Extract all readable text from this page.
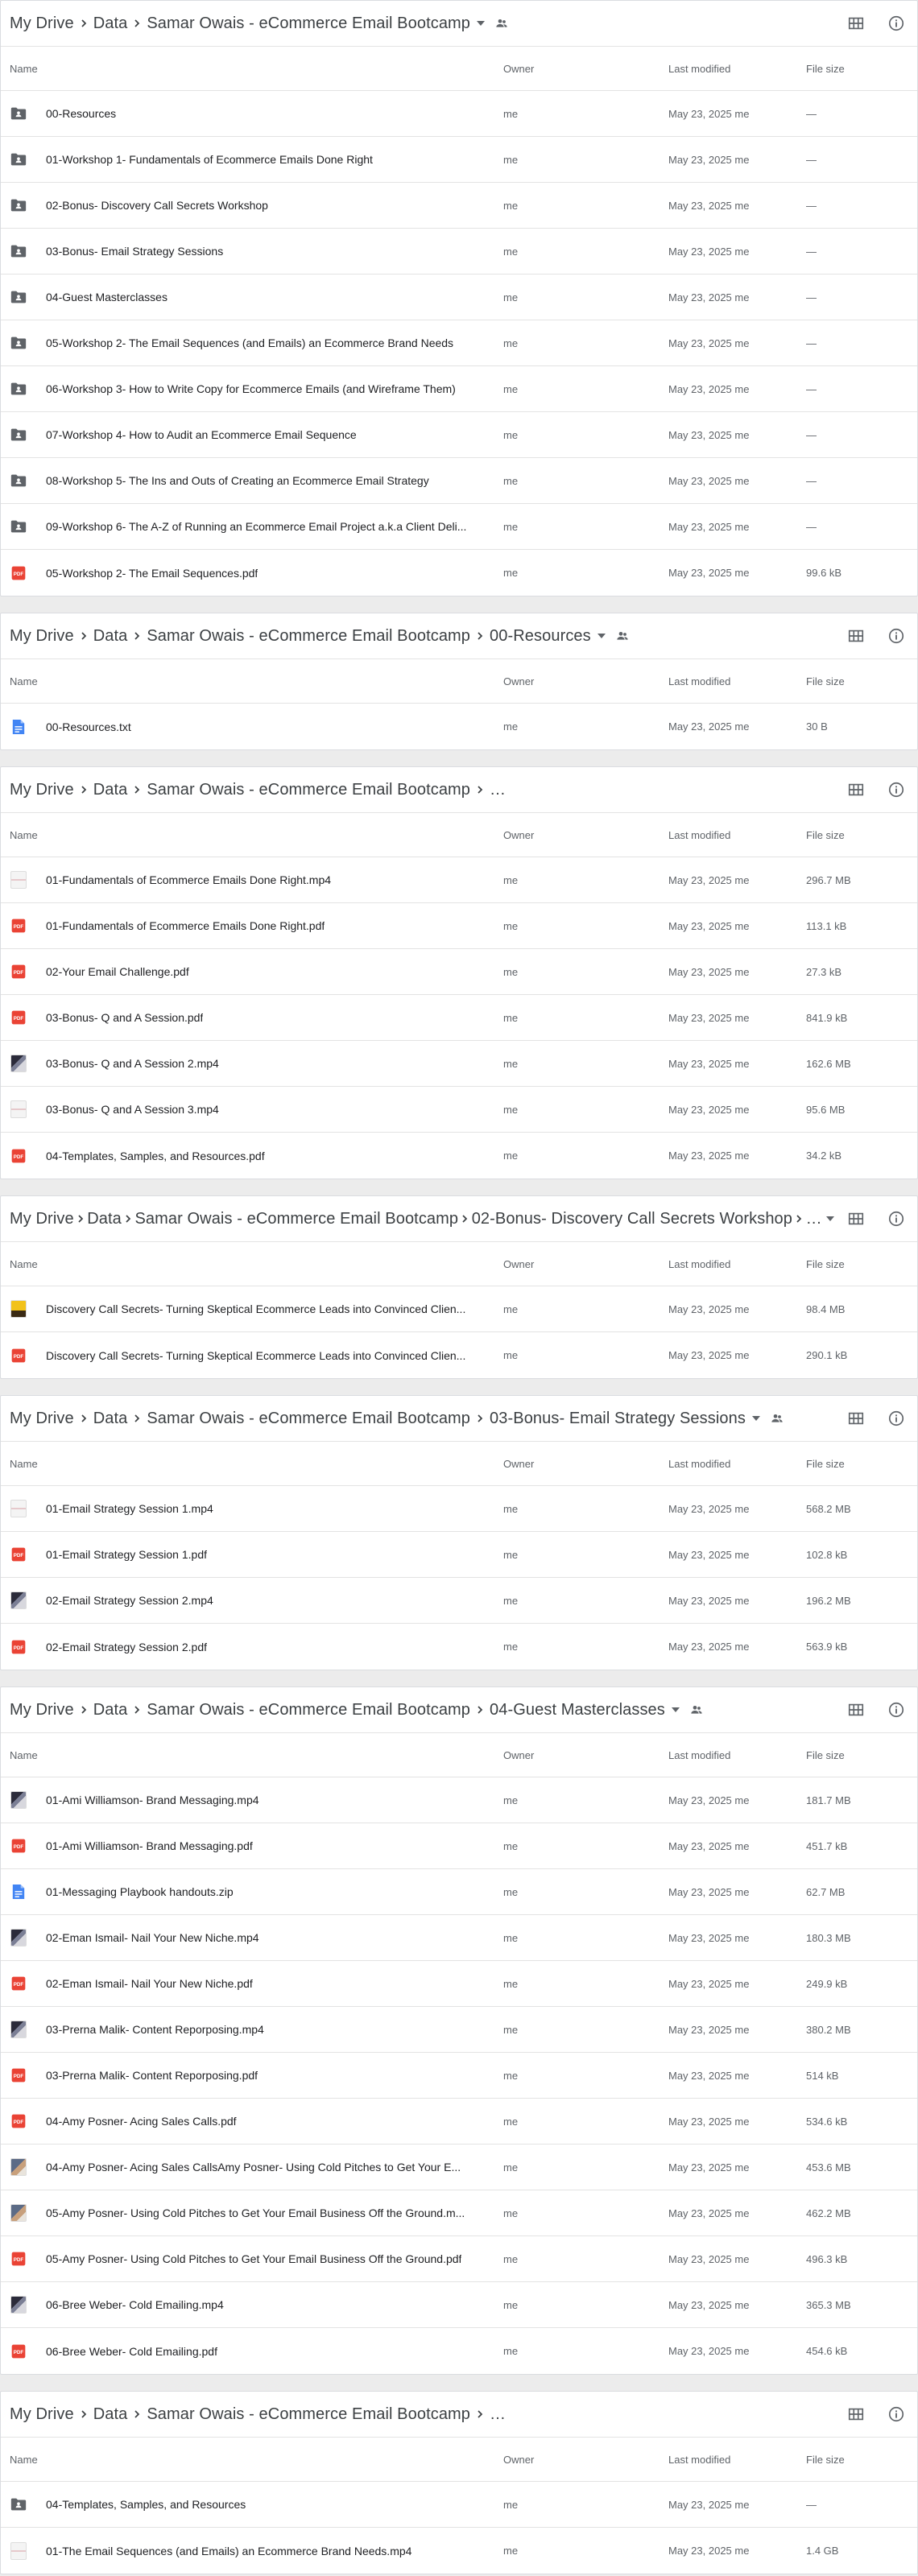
My Drive Data Samar Owais - eCommerce Email Bootcamp
Name	Owner	Last modified	File size
00-Resources	me	May 23, 2025 me	—
01-Workshop 1- Fundamentals of Ecommerce Emails Done Right	me	May 23, 2025 me	—
02-Bonus- Discovery Call Secrets Workshop	me	May 23, 2025 me	—
03-Bonus- Email Strategy Sessions	me	May 23, 2025 me	—
04-Guest Masterclasses	me	May 23, 2025 me	—
05-Workshop 2- The Email Sequences (and Emails) an Ecommerce Brand Needs	me	May 23, 2025 me	—
06-Workshop 3- How to Write Copy for Ecommerce Emails (and Wireframe Them)	me	May 23, 2025 me	—
07-Workshop 4- How to Audit an Ecommerce Email Sequence	me	May 23, 2025 me	—
08-Workshop 5- The Ins and Outs of Creating an Ecommerce Email Strategy	me	May 23, 2025 me	—
09-Workshop 6- The A-Z of Running an Ecommerce Email Project a.k.a Client Deli...	me	May 23, 2025 me	—
PDF 05-Workshop 2- The Email Sequences.pdf	me	May 23, 2025 me	99.6 kB
My Drive Data Samar Owais - eCommerce Email Bootcamp 00-Resources
Name	Owner	Last modified	File size
00-Resources.txt	me	May 23, 2025 me	30 B
My Drive Data Samar Owais - eCommerce Email Bootcamp …
Name	Owner	Last modified	File size
01-Fundamentals of Ecommerce Emails Done Right.mp4	me	May 23, 2025 me	296.7 MB
PDF 01-Fundamentals of Ecommerce Emails Done Right.pdf	me	May 23, 2025 me	113.1 kB
PDF 02-Your Email Challenge.pdf	me	May 23, 2025 me	27.3 kB
PDF 03-Bonus- Q and A Session.pdf	me	May 23, 2025 me	841.9 kB
03-Bonus- Q and A Session 2.mp4	me	May 23, 2025 me	162.6 MB
03-Bonus- Q and A Session 3.mp4	me	May 23, 2025 me	95.6 MB
PDF 04-Templates, Samples, and Resources.pdf	me	May 23, 2025 me	34.2 kB
My Drive Data Samar Owais - eCommerce Email Bootcamp 02-Bonus- Discovery Call Secrets Workshop …
Name	Owner	Last modified	File size
Discovery Call Secrets- Turning Skeptical Ecommerce Leads into Convinced Clien...	me	May 23, 2025 me	98.4 MB
PDF Discovery Call Secrets- Turning Skeptical Ecommerce Leads into Convinced Clien...	me	May 23, 2025 me	290.1 kB
My Drive Data Samar Owais - eCommerce Email Bootcamp 03-Bonus- Email Strategy Sessions
Name	Owner	Last modified	File size
01-Email Strategy Session 1.mp4	me	May 23, 2025 me	568.2 MB
PDF 01-Email Strategy Session 1.pdf	me	May 23, 2025 me	102.8 kB
02-Email Strategy Session 2.mp4	me	May 23, 2025 me	196.2 MB
PDF 02-Email Strategy Session 2.pdf	me	May 23, 2025 me	563.9 kB
My Drive Data Samar Owais - eCommerce Email Bootcamp 04-Guest Masterclasses
Name	Owner	Last modified	File size
01-Ami Williamson- Brand Messaging.mp4	me	May 23, 2025 me	181.7 MB
PDF 01-Ami Williamson- Brand Messaging.pdf	me	May 23, 2025 me	451.7 kB
01-Messaging Playbook handouts.zip	me	May 23, 2025 me	62.7 MB
02-Eman Ismail- Nail Your New Niche.mp4	me	May 23, 2025 me	180.3 MB
PDF 02-Eman Ismail- Nail Your New Niche.pdf	me	May 23, 2025 me	249.9 kB
03-Prerna Malik- Content Reporposing.mp4	me	May 23, 2025 me	380.2 MB
PDF 03-Prerna Malik- Content Reporposing.pdf	me	May 23, 2025 me	514 kB
PDF 04-Amy Posner- Acing Sales Calls.pdf	me	May 23, 2025 me	534.6 kB
04-Amy Posner- Acing Sales CallsAmy Posner- Using Cold Pitches to Get Your E...	me	May 23, 2025 me	453.6 MB
05-Amy Posner- Using Cold Pitches to Get Your Email Business Off the Ground.m...	me	May 23, 2025 me	462.2 MB
PDF 05-Amy Posner- Using Cold Pitches to Get Your Email Business Off the Ground.pdf	me	May 23, 2025 me	496.3 kB
06-Bree Weber- Cold Emailing.mp4	me	May 23, 2025 me	365.3 MB
PDF 06-Bree Weber- Cold Emailing.pdf	me	May 23, 2025 me	454.6 kB
My Drive Data Samar Owais - eCommerce Email Bootcamp …
Name	Owner	Last modified	File size
04-Templates, Samples, and Resources	me	May 23, 2025 me	—
01-The Email Sequences (and Emails) an Ecommerce Brand Needs.mp4	me	May 23, 2025 me	1.4 GB
